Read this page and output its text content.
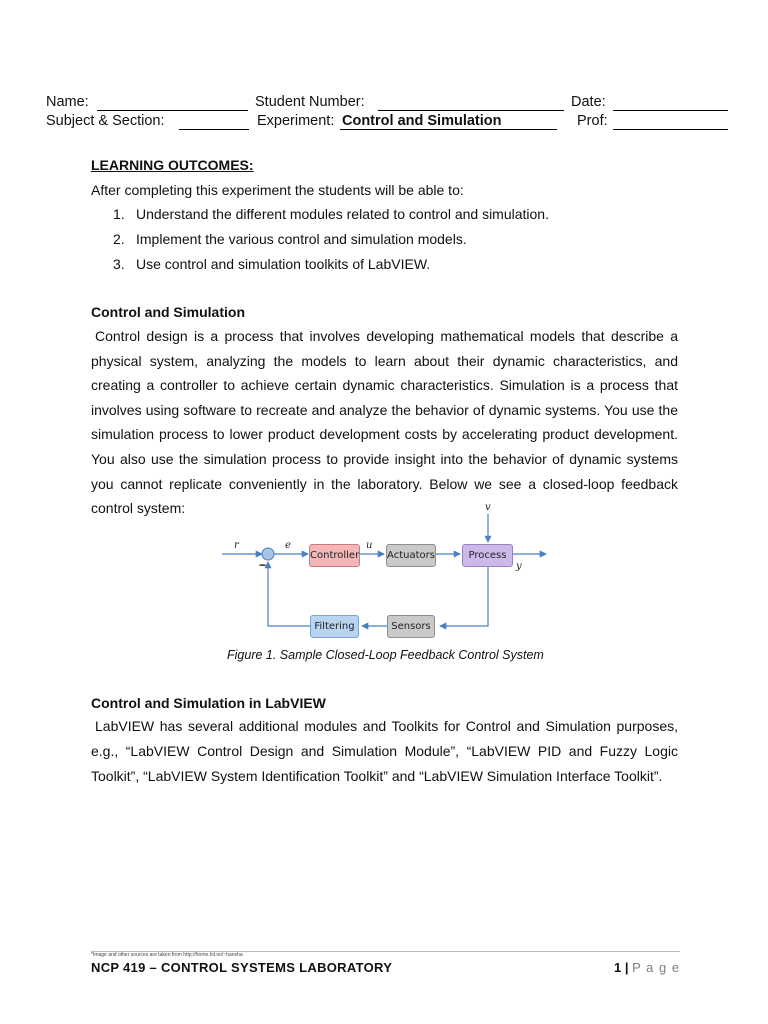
Name:	Student Number:	Date:
Subject & Section:	Experiment: Control and Simulation	Prof:
LEARNING OUTCOMES:
After completing this experiment the students will be able to:
1. Understand the different modules related to control and simulation.
2. Implement the various control and simulation models.
3. Use control and simulation toolkits of LabVIEW.
Control and Simulation
Control design is a process that involves developing mathematical models that describe a physical system, analyzing the models to learn about their dynamic characteristics, and creating a controller to achieve certain dynamic characteristics. Simulation is a process that involves using software to recreate and analyze the behavior of dynamic systems. You use the simulation process to lower product development costs by accelerating product development. You also use the simulation process to provide insight into the behavior of dynamic systems you cannot replicate conveniently in the laboratory. Below we see a closed-loop feedback control system:
Controller	Actuators	Process
Filtering	Sensors
r	e	u
v
y
−
Figure 1. Sample Closed-Loop Feedback Control System
Control and Simulation in LabVIEW
LabVIEW has several additional modules and Toolkits for Control and Simulation purposes, e.g., “LabVIEW Control Design and Simulation Module”, “LabVIEW PID and Fuzzy Logic Toolkit”, “LabVIEW System Identification Toolkit” and “LabVIEW Simulation Interface Toolkit”.
*Image and other sources are taken from http://home.hit.no/~hansha
NCP 419 – CONTROL SYSTEMS LABORATORY	1 | P a g e
